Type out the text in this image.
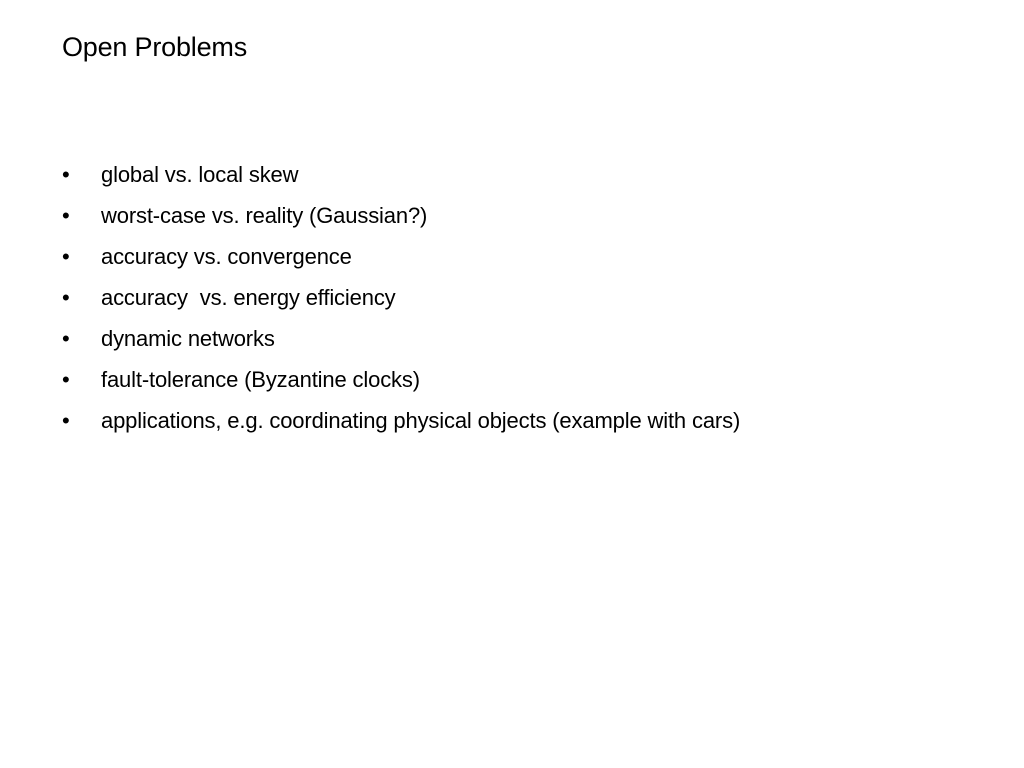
Open Problems

•

	global vs. local skew

•

	worst-case vs. reality (Gaussian?)

•

	accuracy vs. convergence

•

	accuracy  vs. energy efficiency

•

	dynamic networks

•

	fault-tolerance (Byzantine clocks)

•

	applications, e.g. coordinating physical objects (example with cars)
